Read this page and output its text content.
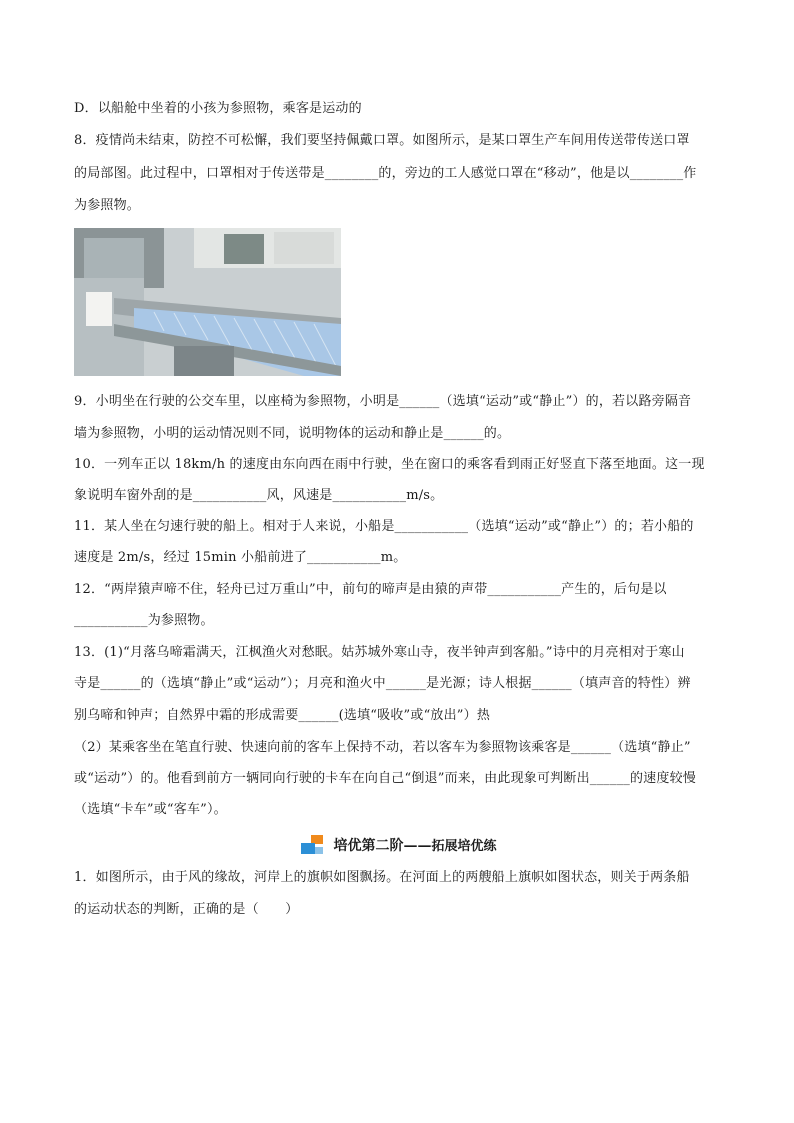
D．以船舱中坐着的小孩为参照物，乘客是运动的
8．疫情尚未结束，防控不可松懈，我们要坚持佩戴口罩。如图所示，是某口罩生产车间用传送带传送口罩
的局部图。此过程中，口罩相对于传送带是________的，旁边的工人感觉口罩在“移动”，他是以________作
为参照物。
9．小明坐在行驶的公交车里，以座椅为参照物，小明是______（选填“运动”或“静止”）的，若以路旁隔音
墙为参照物，小明的运动情况则不同，说明物体的运动和静止是______的。
10．一列车正以 18km/h 的速度由东向西在雨中行驶，坐在窗口的乘客看到雨正好竖直下落至地面。这一现
象说明车窗外刮的是___________风，风速是___________m/s。
11．某人坐在匀速行驶的船上。相对于人来说，小船是___________（选填“运动”或“静止”）的；若小船的
速度是 2m/s，经过 15min 小船前进了___________m。
12．“两岸猿声啼不住，轻舟已过万重山”中，前句的啼声是由猿的声带___________产生的，后句是以
___________为参照物。
13．(1)“月落乌啼霜满天，江枫渔火对愁眠。姑苏城外寒山寺，夜半钟声到客船。”诗中的月亮相对于寒山
寺是______的（选填“静止”或“运动”）；月亮和渔火中______是光源；诗人根据______（填声音的特性）辨
别乌啼和钟声；自然界中霜的形成需要______(选填“吸收”或“放出”）热
（2）某乘客坐在笔直行驶、快速向前的客车上保持不动，若以客车为参照物该乘客是______（选填“静止”
或“运动”）的。他看到前方一辆同向行驶的卡车在向自己“倒退”而来，由此现象可判断出______的速度较慢
（选填“卡车”或“客车”）。
培优第二阶——拓展培优练
1．如图所示，由于风的缘故，河岸上的旗帜如图飘扬。在河面上的两艘船上旗帜如图状态，则关于两条船
的运动状态的判断，正确的是（　　）
